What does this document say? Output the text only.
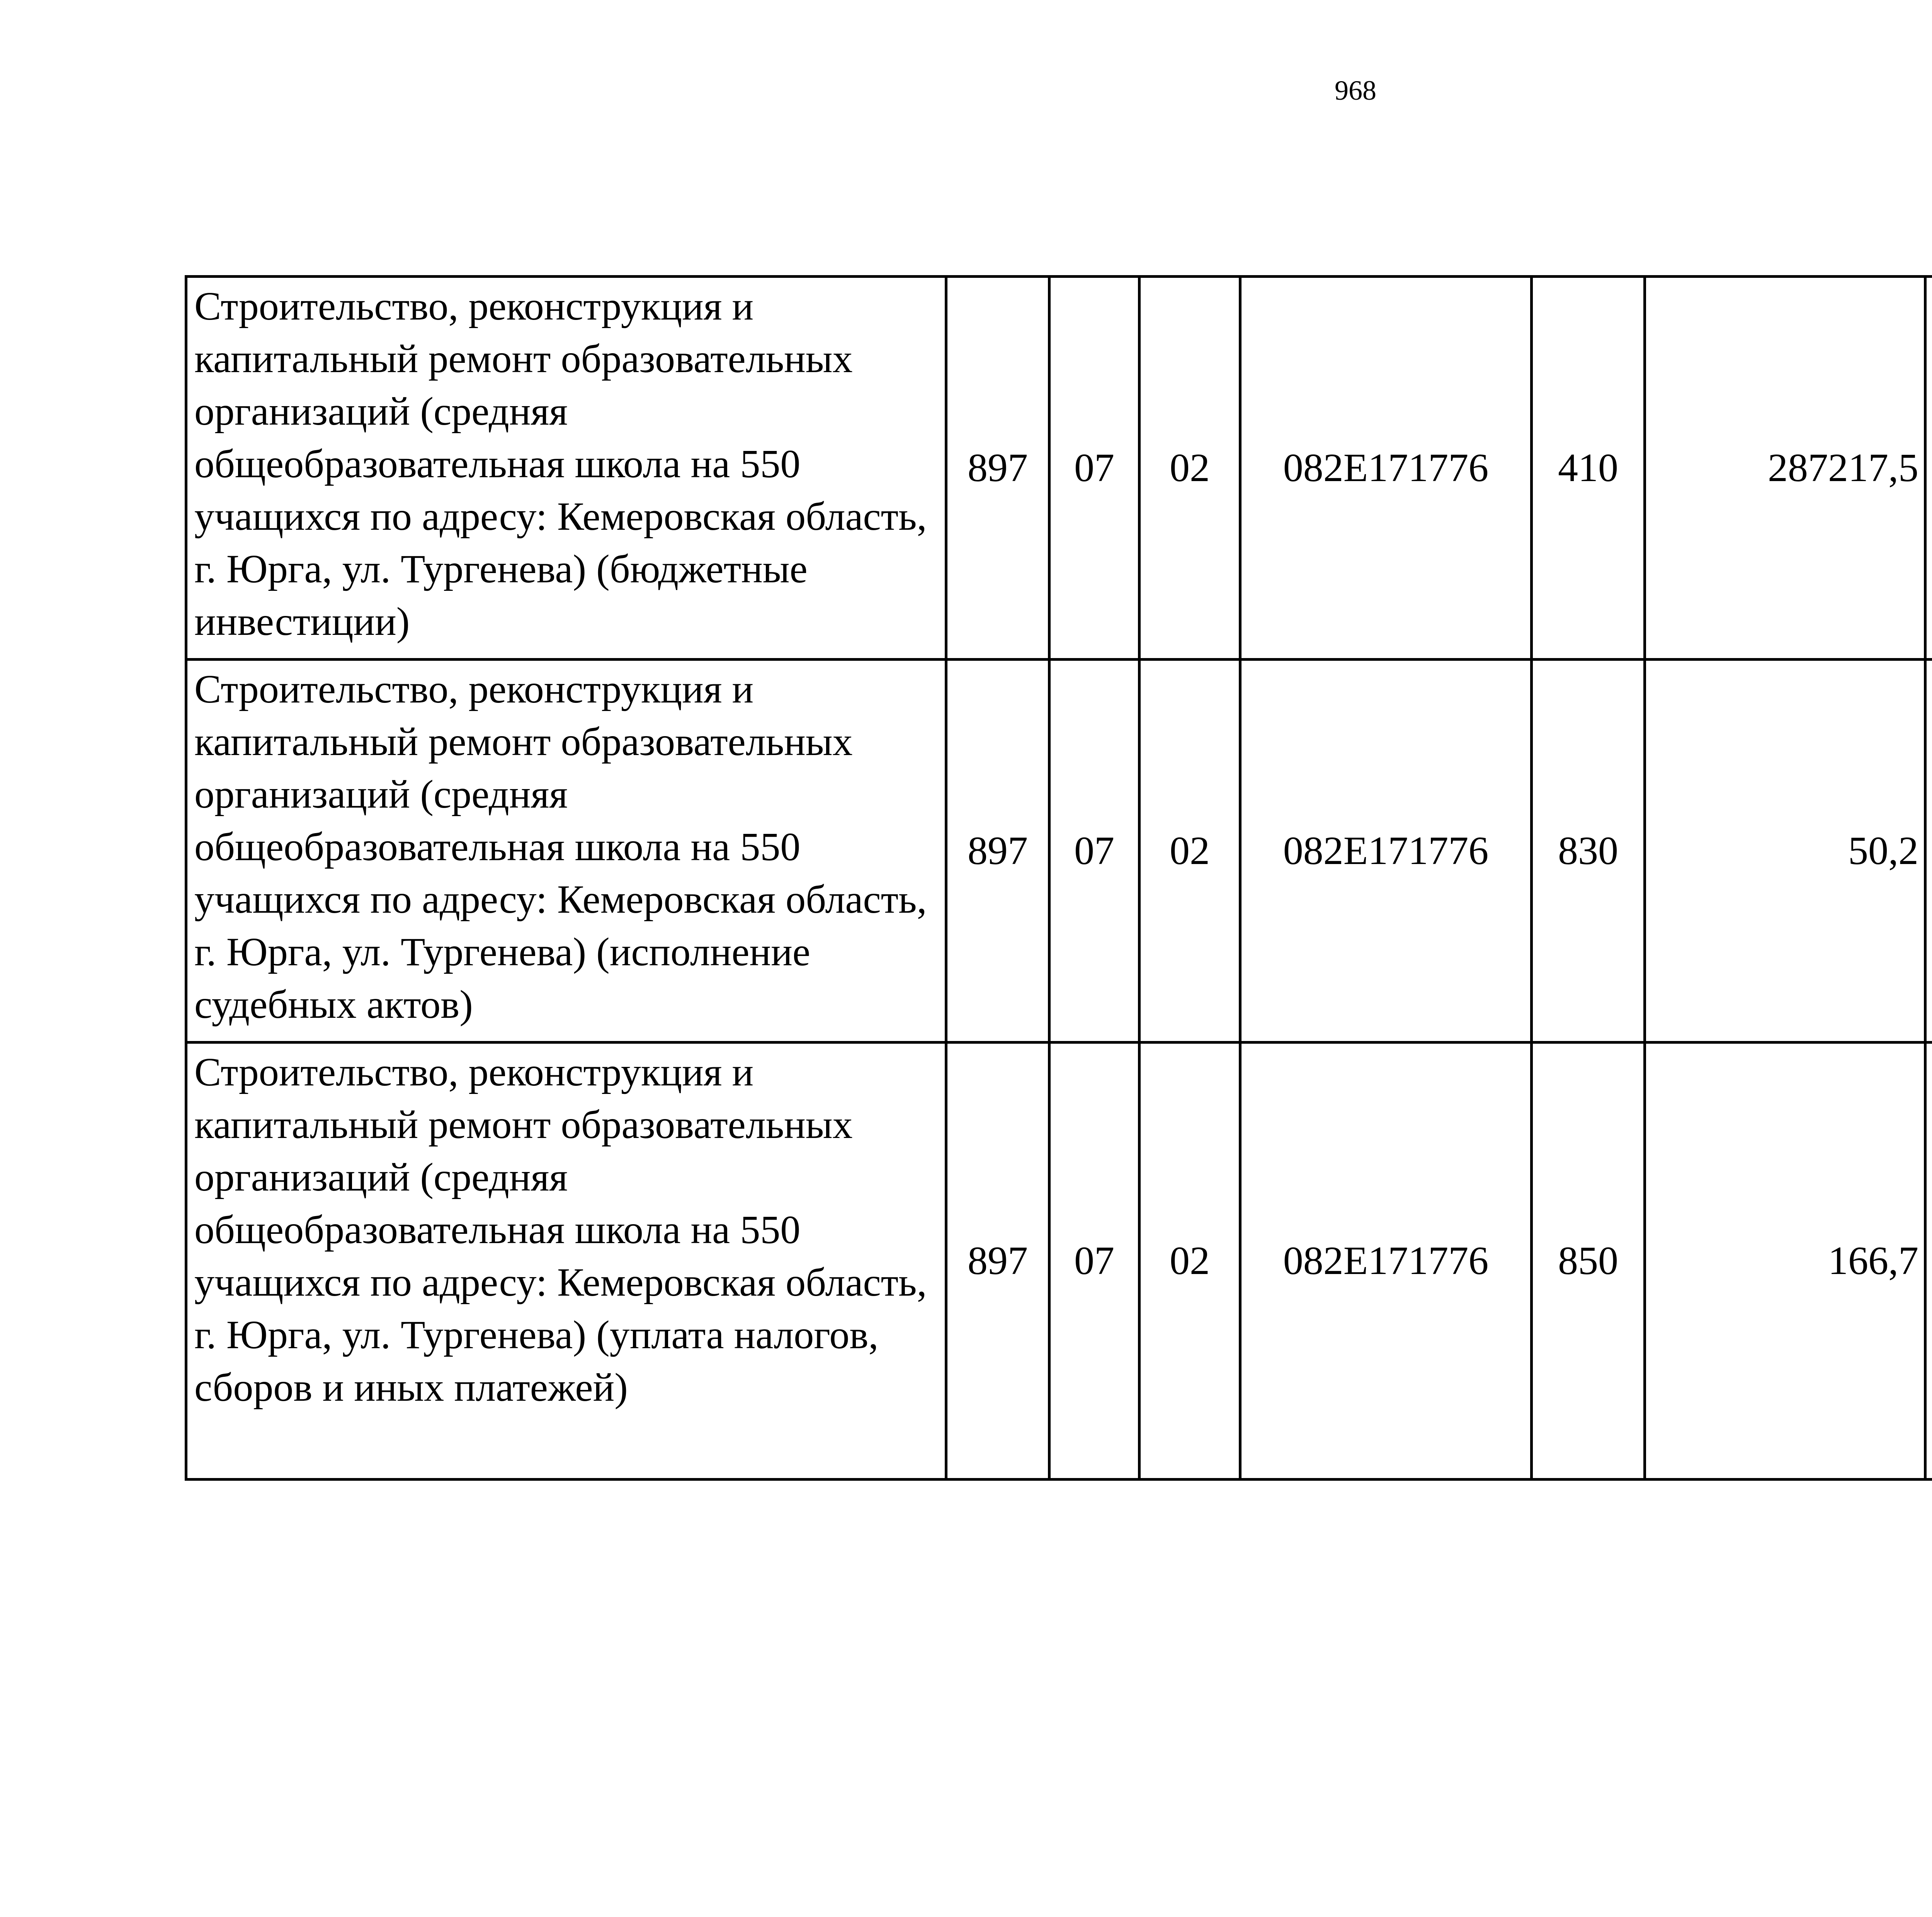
968
Строительство, реконструкция и капитальный ремонт образовательных организаций (средняя общеобразовательная школа на 550 учащихся по адресу: Кемеровская область, г. Юрга, ул. Тургенева) (бюджетные инвестиции)	897	07	02	082E171776	410	287217,5		
Строительство, реконструкция и капитальный ремонт образовательных организаций (средняя общеобразовательная школа на 550 учащихся по адресу: Кемеровская область, г. Юрга, ул. Тургенева) (исполнение судебных актов)	897	07	02	082E171776	830	50,2		
Строительство, реконструкция и капитальный ремонт образовательных организаций (средняя общеобразовательная школа на 550 учащихся по адресу: Кемеровская область, г. Юрга, ул. Тургенева) (уплата налогов, сборов и иных платежей)	897	07	02	082E171776	850	166,7		
